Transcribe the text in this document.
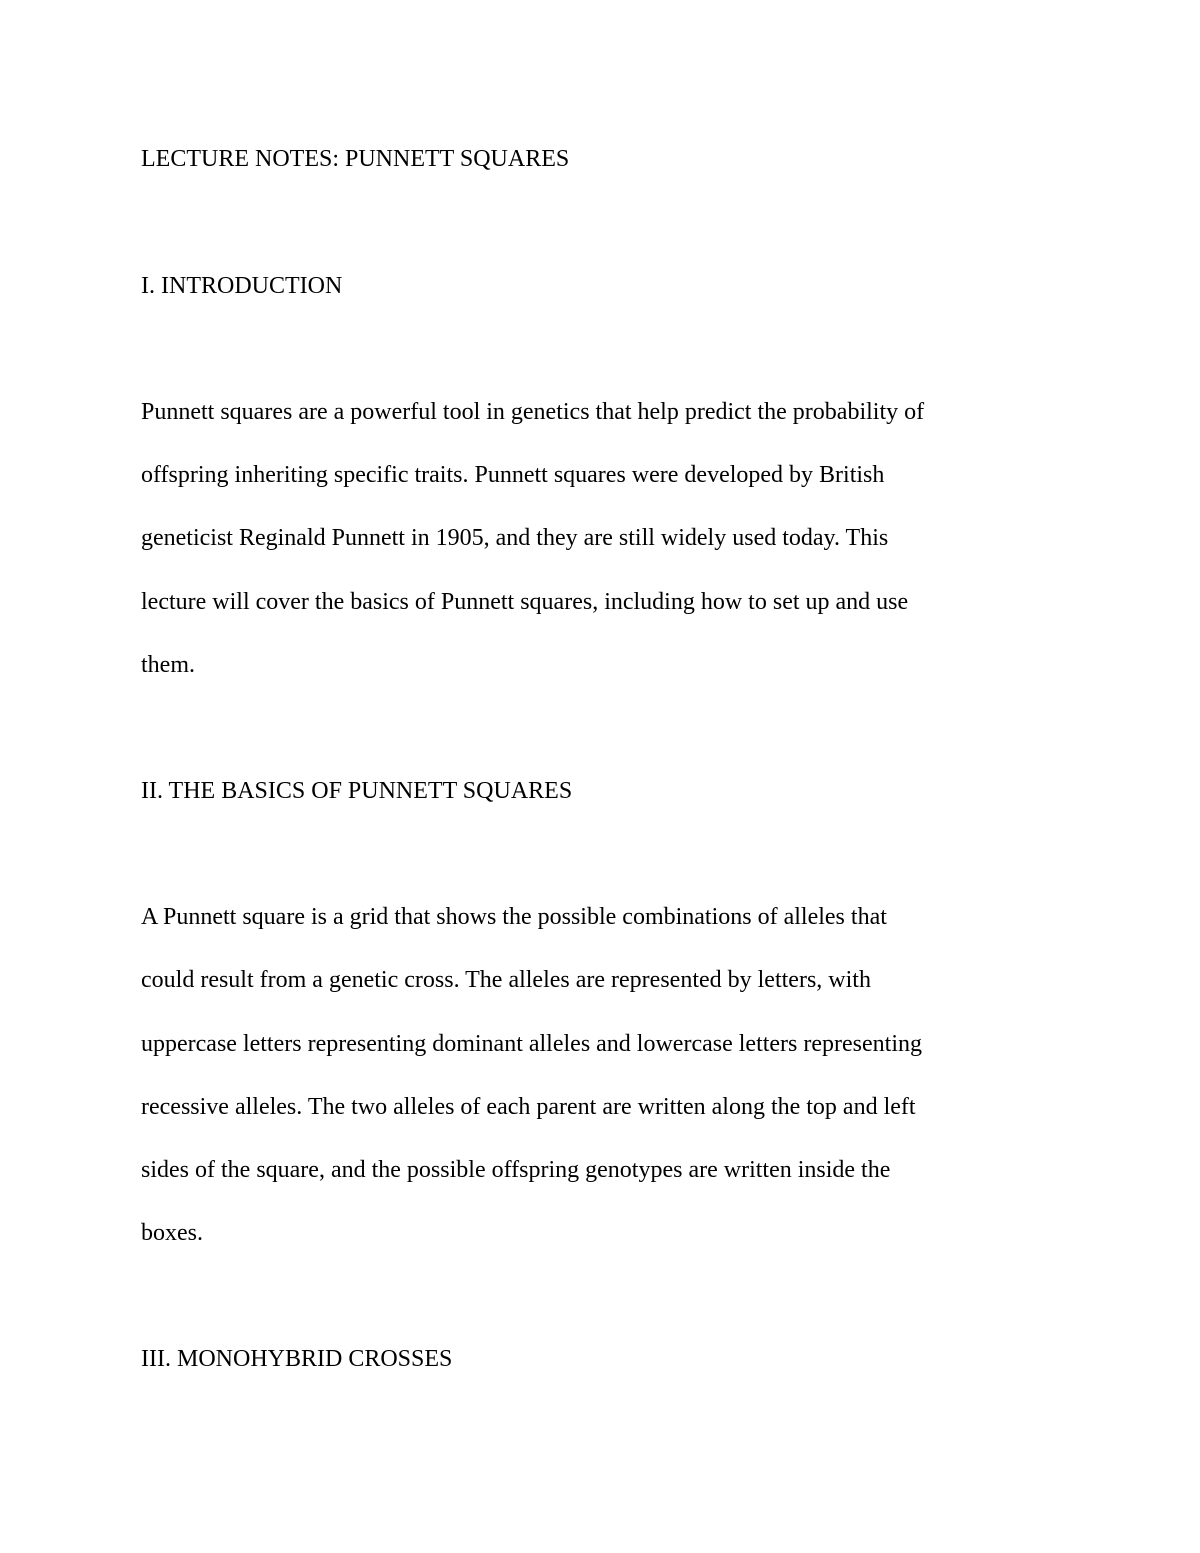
LECTURE NOTES: PUNNETT SQUARES
I. INTRODUCTION
Punnett squares are a powerful tool in genetics that help predict the probability of
offspring inheriting specific traits. Punnett squares were developed by British
geneticist Reginald Punnett in 1905, and they are still widely used today. This
lecture will cover the basics of Punnett squares, including how to set up and use
them.
II. THE BASICS OF PUNNETT SQUARES
A Punnett square is a grid that shows the possible combinations of alleles that
could result from a genetic cross. The alleles are represented by letters, with
uppercase letters representing dominant alleles and lowercase letters representing
recessive alleles. The two alleles of each parent are written along the top and left
sides of the square, and the possible offspring genotypes are written inside the
boxes.
III. MONOHYBRID CROSSES
